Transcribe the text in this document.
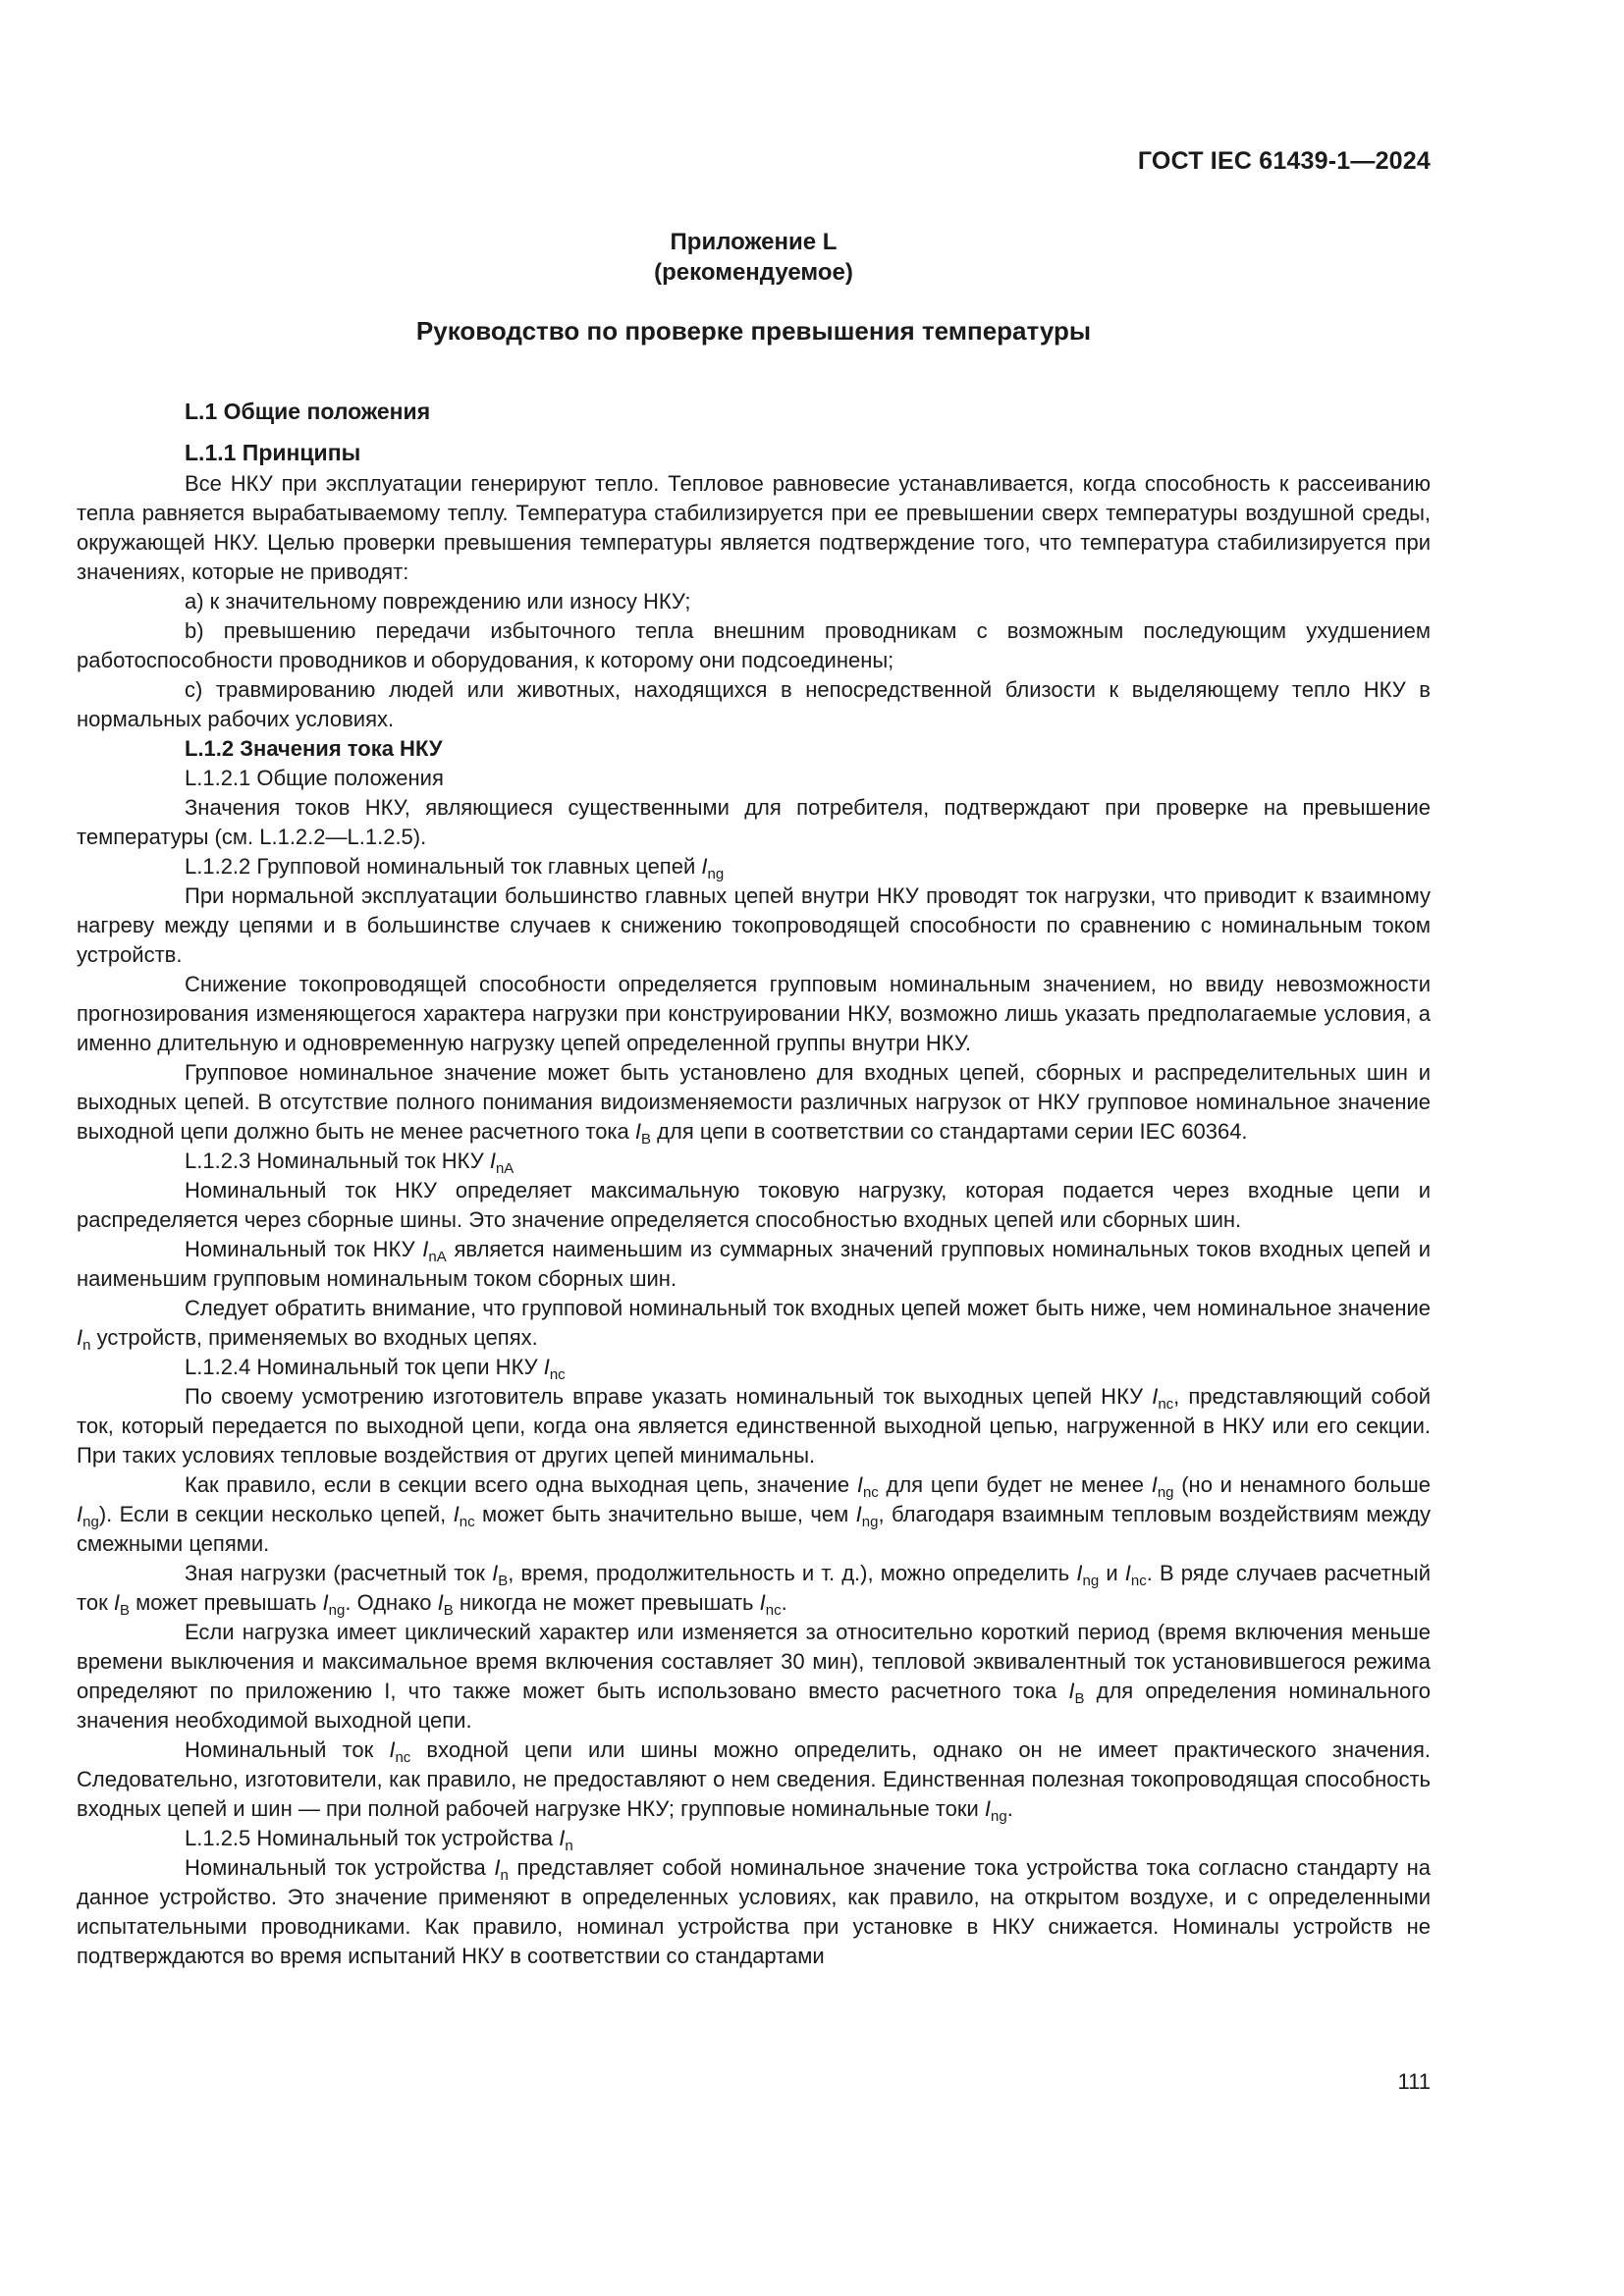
ГОСТ IEC 61439-1—2024
Приложение L
(рекомендуемое)
Руководство по проверке превышения температуры

L.1 Общие положения

L.1.1 Принципы

Все НКУ при эксплуатации генерируют тепло. Тепловое равновесие устанавливается, когда способность к рассеиванию тепла равняется вырабатываемому теплу. Температура стабилизируется при ее превышении сверх температуры воздушной среды, окружающей НКУ. Целью проверки превышения температуры является подтверждение того, что температура стабилизируется при значениях, которые не приводят:

a) к значительному повреждению или износу НКУ;

b) превышению передачи избыточного тепла внешним проводникам с возможным последующим ухудшением работоспособности проводников и оборудования, к которому они подсоединены;

c) травмированию людей или животных, находящихся в непосредственной близости к выделяющему тепло НКУ в нормальных рабочих условиях.

L.1.2 Значения тока НКУ

L.1.2.1 Общие положения

Значения токов НКУ, являющиеся существенными для потребителя, подтверждают при проверке на превышение температуры (см. L.1.2.2—L.1.2.5).

L.1.2.2 Групповой номинальный ток главных цепей $I_{ng}$

При нормальной эксплуатации большинство главных цепей внутри НКУ проводят ток нагрузки, что приводит к взаимному нагреву между цепями и в большинстве случаев к снижению токопроводящей способности по сравнению с номинальным током устройств.

Снижение токопроводящей способности определяется групповым номинальным значением, но ввиду невозможности прогнозирования изменяющегося характера нагрузки при конструировании НКУ, возможно лишь указать предполагаемые условия, а именно длительную и одновременную нагрузку цепей определенной группы внутри НКУ.

Групповое номинальное значение может быть установлено для входных цепей, сборных и распределительных шин и выходных цепей. В отсутствие полного понимания видоизменяемости различных нагрузок от НКУ групповое номинальное значение выходной цепи должно быть не менее расчетного тока $I_B$ для цепи в соответствии со стандартами серии IEC 60364.

L.1.2.3 Номинальный ток НКУ $I_{nA}$

Номинальный ток НКУ определяет максимальную токовую нагрузку, которая подается через входные цепи и распределяется через сборные шины. Это значение определяется способностью входных цепей или сборных шин.

Номинальный ток НКУ $I_{nA}$ является наименьшим из суммарных значений групповых номинальных токов входных цепей и наименьшим групповым номинальным током сборных шин.

Следует обратить внимание, что групповой номинальный ток входных цепей может быть ниже, чем номинальное значение $I_n$ устройств, применяемых во входных цепях.

L.1.2.4 Номинальный ток цепи НКУ $I_{nc}$

По своему усмотрению изготовитель вправе указать номинальный ток выходных цепей НКУ $I_{nc}$, представляющий собой ток, который передается по выходной цепи, когда она является единственной выходной цепью, нагруженной в НКУ или его секции. При таких условиях тепловые воздействия от других цепей минимальны.

Как правило, если в секции всего одна выходная цепь, значение $I_{nc}$ для цепи будет не менее $I_{ng}$ (но и ненамного больше $I_{ng}$). Если в секции несколько цепей, $I_{nc}$ может быть значительно выше, чем $I_{ng}$, благодаря взаимным тепловым воздействиям между смежными цепями.

Зная нагрузки (расчетный ток $I_B$, время, продолжительность и т. д.), можно определить $I_{ng}$ и $I_{nc}$. В ряде случаев расчетный ток $I_B$ может превышать $I_{ng}$. Однако $I_B$ никогда не может превышать $I_{nc}$.

Если нагрузка имеет циклический характер или изменяется за относительно короткий период (время включения меньше времени выключения и максимальное время включения составляет 30 мин), тепловой эквивалентный ток установившегося режима определяют по приложению I, что также может быть использовано вместо расчетного тока $I_B$ для определения номинального значения необходимой выходной цепи.

Номинальный ток $I_{nc}$ входной цепи или шины можно определить, однако он не имеет практического значения. Следовательно, изготовители, как правило, не предоставляют о нем сведения. Единственная полезная токопроводящая способность входных цепей и шин — при полной рабочей нагрузке НКУ; групповые номинальные токи $I_{ng}$.

L.1.2.5 Номинальный ток устройства $I_n$

Номинальный ток устройства $I_n$ представляет собой номинальное значение тока устройства тока согласно стандарту на данное устройство. Это значение применяют в определенных условиях, как правило, на открытом воздухе, и с определенными испытательными проводниками. Как правило, номинал устройства при установке в НКУ снижается. Номиналы устройств не подтверждаются во время испытаний НКУ в соответствии со стандартами

111
